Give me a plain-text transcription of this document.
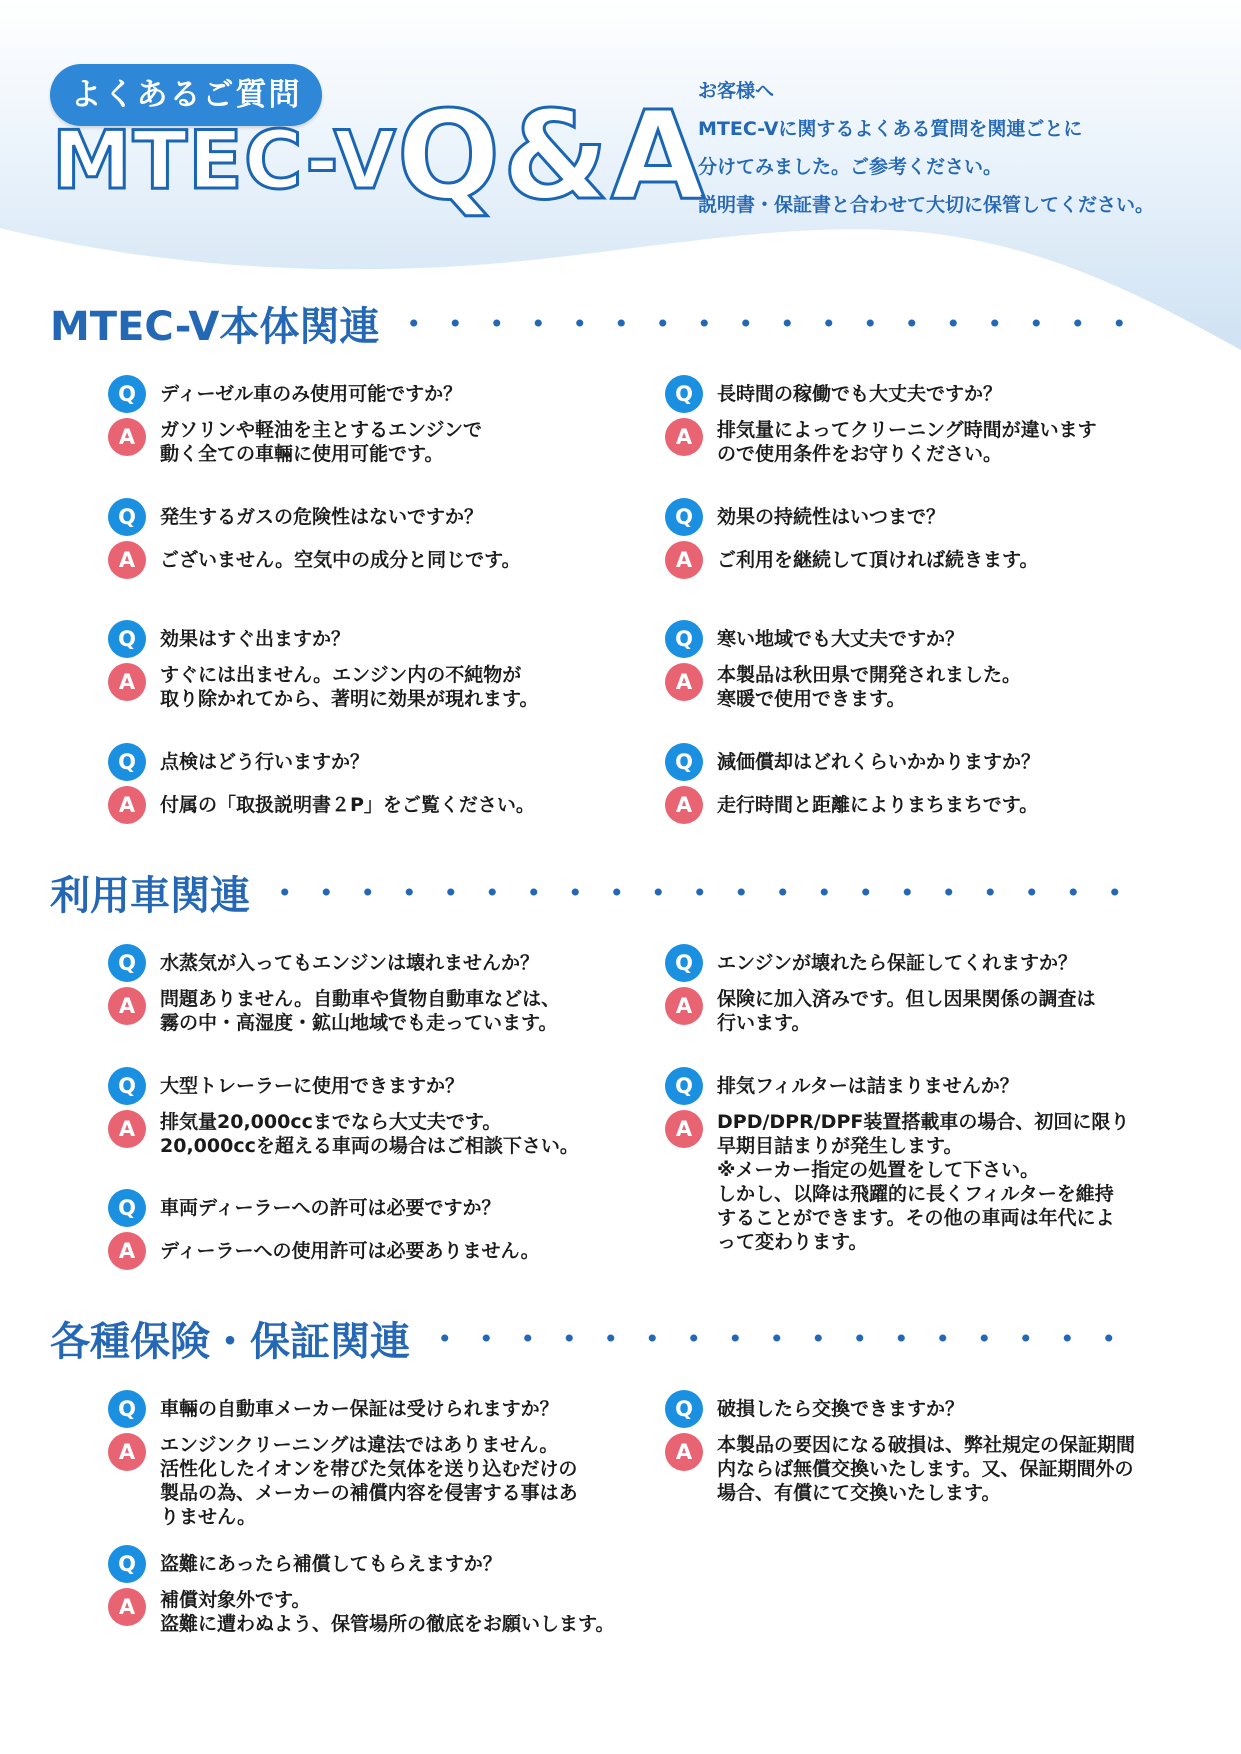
よくあるご質問
MTEC-VQ&A

お客様へ

MTEC-Vに関するよくある質問を関連ごとに

分けてみました。ご参考ください。

説明書・保証書と合わせて大切に保管してください。

MTEC-V本体関連
Q	ディーゼル車のみ使用可能ですか？
A	ガソリンや軽油を主とするエンジンで
動く全ての車輛に使用可能です。
Q	長時間の稼働でも大丈夫ですか？
A	排気量によってクリーニング時間が違います
ので使用条件をお守りください。
Q	発生するガスの危険性はないですか？
A	ございません。空気中の成分と同じです。
Q	効果の持続性はいつまで？
A	ご利用を継続して頂ければ続きます。
Q	効果はすぐ出ますか？
A	すぐには出ません。エンジン内の不純物が
取り除かれてから、著明に効果が現れます。
Q	寒い地域でも大丈夫ですか？
A	本製品は秋田県で開発されました。
寒暖で使用できます。
Q	点検はどう行いますか？
A	付属の「取扱説明書２P」をご覧ください。
Q	減価償却はどれくらいかかりますか？
A	走行時間と距離によりまちまちです。
利用車関連
Q	水蒸気が入ってもエンジンは壊れませんか？
A	問題ありません。自動車や貨物自動車などは、
霧の中・高湿度・鉱山地域でも走っています。
Q	エンジンが壊れたら保証してくれますか？
A	保険に加入済みです。但し因果関係の調査は
行います。
Q	大型トレーラーに使用できますか？
A	排気量20,000ccまでなら大丈夫です。
20,000ccを超える車両の場合はご相談下さい。
Q	排気フィルターは詰まりませんか？
A	DPD/DPR/DPF装置搭載車の場合、初回に限り
早期目詰まりが発生します。
※メーカー指定の処置をして下さい。
しかし、以降は飛躍的に長くフィルターを維持
することができます。その他の車両は年代によ
って変わります。
Q	車両ディーラーへの許可は必要ですか？
A	ディーラーへの使用許可は必要ありません。
各種保険・保証関連
Q	車輛の自動車メーカー保証は受けられますか？
A	エンジンクリーニングは違法ではありません。
活性化したイオンを帯びた気体を送り込むだけの
製品の為、メーカーの補償内容を侵害する事はあ
りません。
Q	破損したら交換できますか？
A	本製品の要因になる破損は、弊社規定の保証期間
内ならば無償交換いたします。又、保証期間外の
場合、有償にて交換いたします。
Q	盗難にあったら補償してもらえますか？
A	補償対象外です。
盗難に遭わぬよう、保管場所の徹底をお願いします。
